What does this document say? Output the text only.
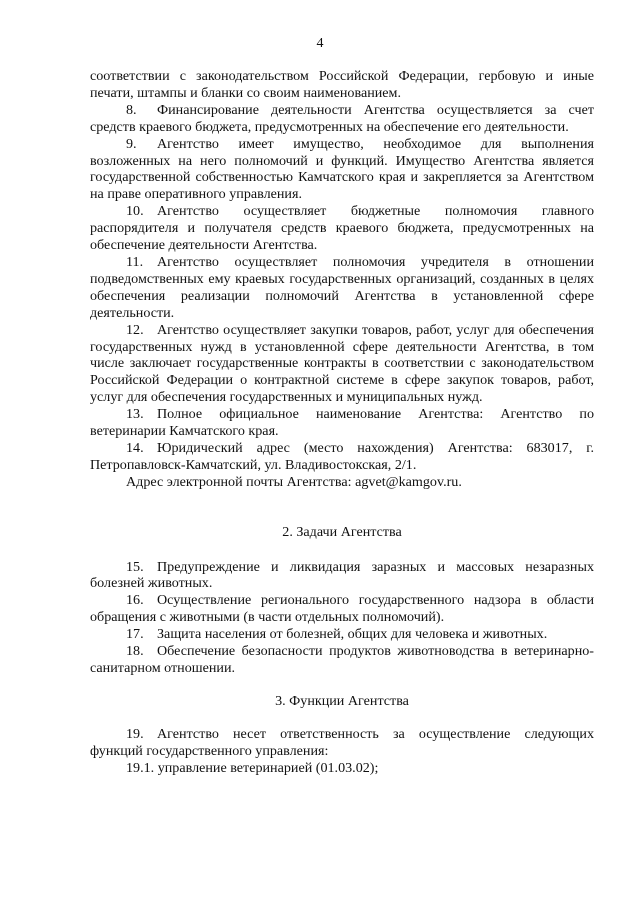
4

соответствии с законодательством Российской Федерации, гербовую и иные печати, штампы и бланки со своим наименованием.

8. Финансирование деятельности Агентства осуществляется за счет средств краевого бюджета, предусмотренных на обеспечение его деятельности.

9. Агентство имеет имущество, необходимое для выполнения возложенных на него полномочий и функций. Имущество Агентства является государственной собственностью Камчатского края и закрепляется за Агентством на праве оперативного управления.

10. Агентство осуществляет бюджетные полномочия главного распорядителя и получателя средств краевого бюджета, предусмотренных на обеспечение деятельности Агентства.

11. Агентство осуществляет полномочия учредителя в отношении подведомственных ему краевых государственных организаций, созданных в целях обеспечения реализации полномочий Агентства в установленной сфере деятельности.

12. Агентство осуществляет закупки товаров, работ, услуг для обеспечения государственных нужд в установленной сфере деятельности Агентства, в том числе заключает государственные контракты в соответствии с законодательством Российской Федерации о контрактной системе в сфере закупок товаров, работ, услуг для обеспечения государственных и муниципальных нужд.

13. Полное официальное наименование Агентства: Агентство по ветеринарии Камчатского края.

14. Юридический адрес (место нахождения) Агентства: 683017, г. Петропавловск-Камчатский, ул. Владивостокская, 2/1.

Адрес электронной почты Агентства: agvet@kamgov.ru.

2. Задачи Агентства

15. Предупреждение и ликвидация заразных и массовых незаразных болезней животных.

16. Осуществление регионального государственного надзора в области обращения с животными (в части отдельных полномочий).

17. Защита населения от болезней, общих для человека и животных.

18. Обеспечение безопасности продуктов животноводства в ветеринарно-санитарном отношении.

3. Функции Агентства

19. Агентство несет ответственность за осуществление следующих функций государственного управления:

19.1. управление ветеринарией (01.03.02);
